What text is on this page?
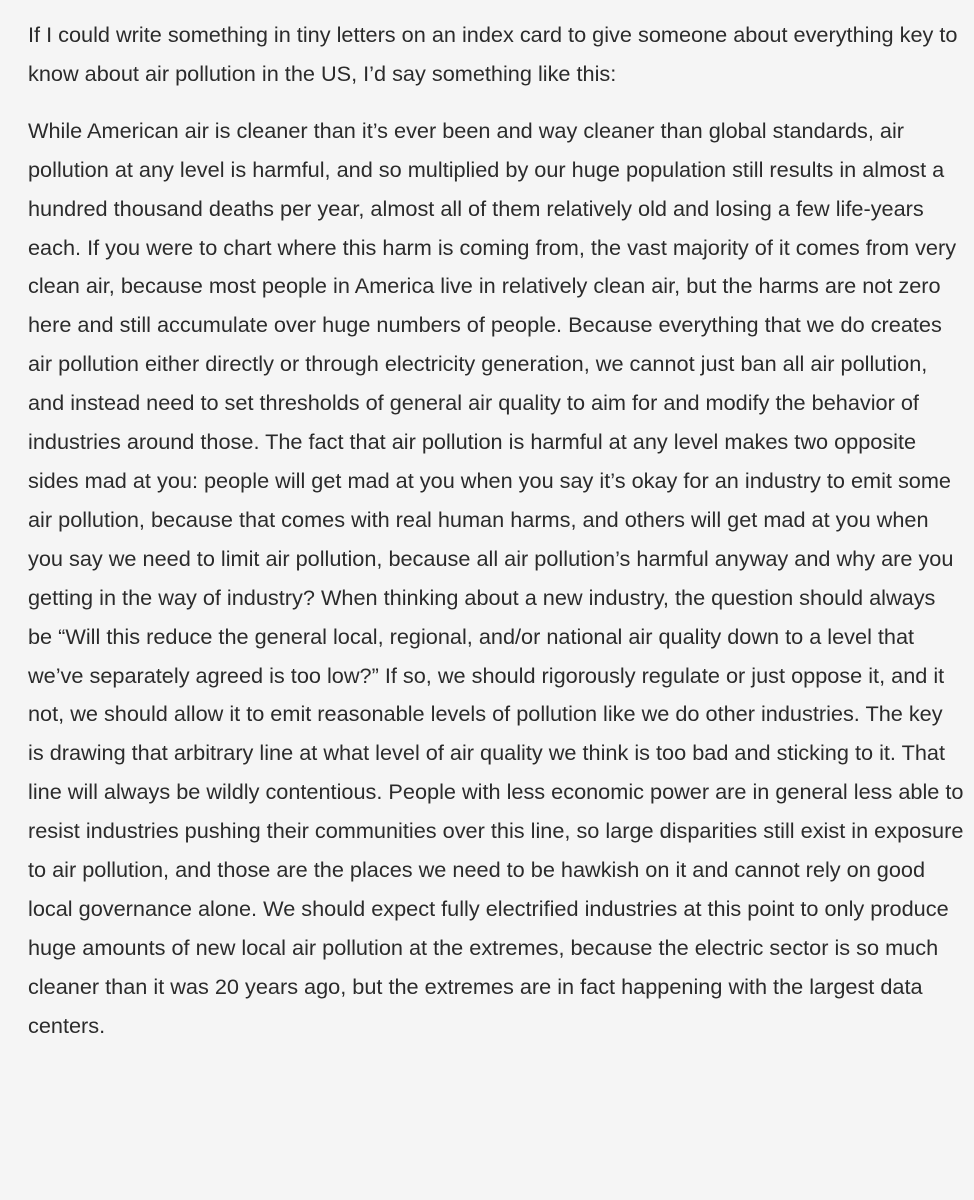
If I could write something in tiny letters on an index card to give someone about everything key to know about air pollution in the US, I’d say something like this:

While American air is cleaner than it’s ever been and way cleaner than global standards, air pollution at any level is harmful, and so multiplied by our huge population still results in almost a hundred thousand deaths per year, almost all of them relatively old and losing a few life-years each. If you were to chart where this harm is coming from, the vast majority of it comes from very clean air, because most people in America live in relatively clean air, but the harms are not zero here and still accumulate over huge numbers of people. Because everything that we do creates air pollution either directly or through electricity generation, we cannot just ban all air pollution, and instead need to set thresholds of general air quality to aim for and modify the behavior of industries around those. The fact that air pollution is harmful at any level makes two opposite sides mad at you: people will get mad at you when you say it’s okay for an industry to emit some air pollution, because that comes with real human harms, and others will get mad at you when you say we need to limit air pollution, because all air pollution’s harmful anyway and why are you getting in the way of industry? When thinking about a new industry, the question should always be “Will this reduce the general local, regional, and/or national air quality down to a level that we’ve separately agreed is too low?” If so, we should rigorously regulate or just oppose it, and it not, we should allow it to emit reasonable levels of pollution like we do other industries. The key is drawing that arbitrary line at what level of air quality we think is too bad and sticking to it. That line will always be wildly contentious. People with less economic power are in general less able to resist industries pushing their communities over this line, so large disparities still exist in exposure to air pollution, and those are the places we need to be hawkish on it and cannot rely on good local governance alone. We should expect fully electrified industries at this point to only produce huge amounts of new local air pollution at the extremes, because the electric sector is so much cleaner than it was 20 years ago, but the extremes are in fact happening with the largest data centers.
